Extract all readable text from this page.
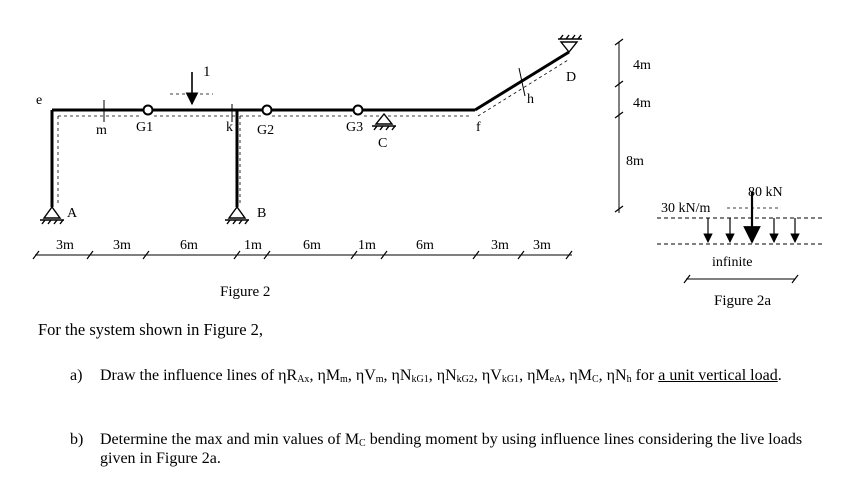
1
e
m G1	k G2	G3
C
f
h
D
A	B
3m	3m	6m	1m	6m	1m	6m	3m 3m
4m
4m
8m
Figure 2
30 kN/m
80 kN
infinite
Figure 2a

For the system shown in Figure 2,

a) Draw the influence lines of $\eta R_{Ax}$, $\eta M_m$, $\eta V_m$, $\eta N_{kG1}$, $\eta N_{kG2}$, $\eta V_{kG1}$, $\eta M_{eA}$, $\eta M_C$, $\eta N_h$ for a unit vertical load.
b) Determine the max and min values of $M_C$ bending moment by using influence lines considering the live loads given in Figure 2a.
